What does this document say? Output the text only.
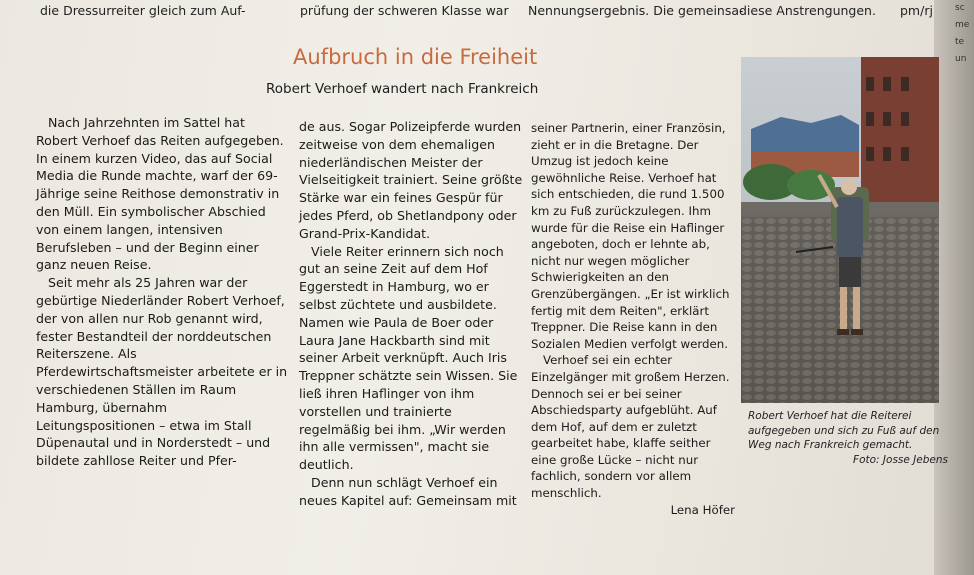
sc
me
te
un
die Dressurreiter gleich zum Auf-	prüfung der schweren Klasse war Nennungsergebnis. Die gemeinsa-
diese Anstrengungen. pm/rj
Aufbruch in die Freiheit
Robert Verhoef wandert nach Frankreich

Nach Jahrzehnten im Sattel hat Robert Verhoef das Reiten aufgegeben. In einem kurzen Video, das auf Social Media die Runde machte, warf der 69-Jährige seine Reithose demonstrativ in den Müll. Ein symbolischer Abschied von einem langen, intensiven Berufsleben – und der Beginn einer ganz neuen Reise.

Seit mehr als 25 Jahren war der gebürtige Niederländer Robert Verhoef, der von allen nur Rob genannt wird, fester Bestandteil der norddeutschen Reiterszene. Als Pferdewirtschaftsmeister arbeitete er in verschiedenen Ställen im Raum Hamburg, übernahm Leitungspositionen – etwa im Stall Düpenautal und in Norderstedt – und bildete zahllose Reiter und Pfer-

de aus. Sogar Polizeipferde wurden zeitweise von dem ehemaligen niederländischen Meister der Vielseitigkeit trainiert. Seine größte Stärke war ein feines Gespür für jedes Pferd, ob Shetlandpony oder Grand-Prix-Kandidat.

Viele Reiter erinnern sich noch gut an seine Zeit auf dem Hof Eggerstedt in Hamburg, wo er selbst züchtete und ausbildete. Namen wie Paula de Boer oder Laura Jane Hackbarth sind mit seiner Arbeit verknüpft. Auch Iris Treppner schätzte sein Wissen. Sie ließ ihren Haflinger von ihm vorstellen und trainierte regelmäßig bei ihm. „Wir werden ihn alle vermissen", macht sie deutlich.

Denn nun schlägt Verhoef ein neues Kapitel auf: Gemeinsam mit

seiner Partnerin, einer Französin, zieht er in die Bretagne. Der Umzug ist jedoch keine gewöhnliche Reise. Verhoef hat sich entschieden, die rund 1.500 km zu Fuß zurückzulegen. Ihm wurde für die Reise ein Haflinger angeboten, doch er lehnte ab, nicht nur wegen möglicher Schwierigkeiten an den Grenzübergängen. „Er ist wirklich fertig mit dem Reiten", erklärt Treppner. Die Reise kann in den Sozialen Medien verfolgt werden.

Verhoef sei ein echter Einzelgänger mit großem Herzen. Dennoch sei er bei seiner Abschiedsparty aufgeblüht. Auf dem Hof, auf dem er zuletzt gearbeitet habe, klaffe seither eine große Lücke – nicht nur fachlich, sondern vor allem menschlich.

Lena Höfer

Robert Verhoef hat die Reiterei aufgegeben und sich zu Fuß auf den Weg nach Frankreich gemacht.
Foto: Josse Jebens
